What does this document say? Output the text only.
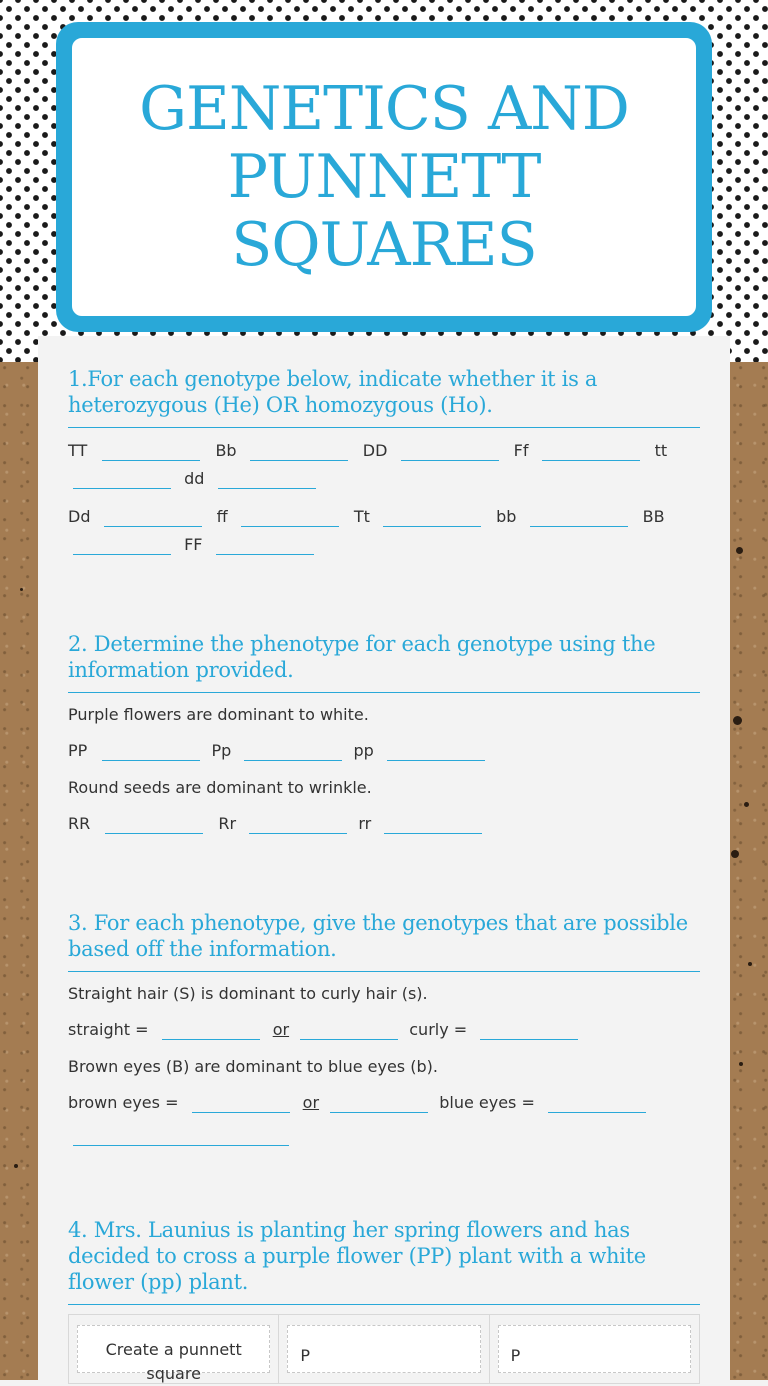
GENETICS AND PUNNETT SQUARES
1.For each genotype below, indicate whether it is a heterozygous (He) OR homozygous (Ho).
TT	Bb	DD	Ff	tt
dd
Dd	ff	Tt	bb	BB
FF
2. Determine the phenotype for each genotype using the information provided.
Purple flowers are dominant to white.
PP	Pp	pp
Round seeds are dominant to wrinkle.
RR	Rr	rr
3. For each phenotype, give the genotypes that are possible based off the information.
Straight hair (S) is dominant to curly hair (s).
straight =	or	curly =
Brown eyes (B) are dominant to blue eyes (b).
brown eyes =	or	blue eyes =
4. Mrs. Launius is planting her spring flowers and has decided to cross a purple flower (PP) plant with a white flower (pp) plant.
Create a punnett square
P	P
